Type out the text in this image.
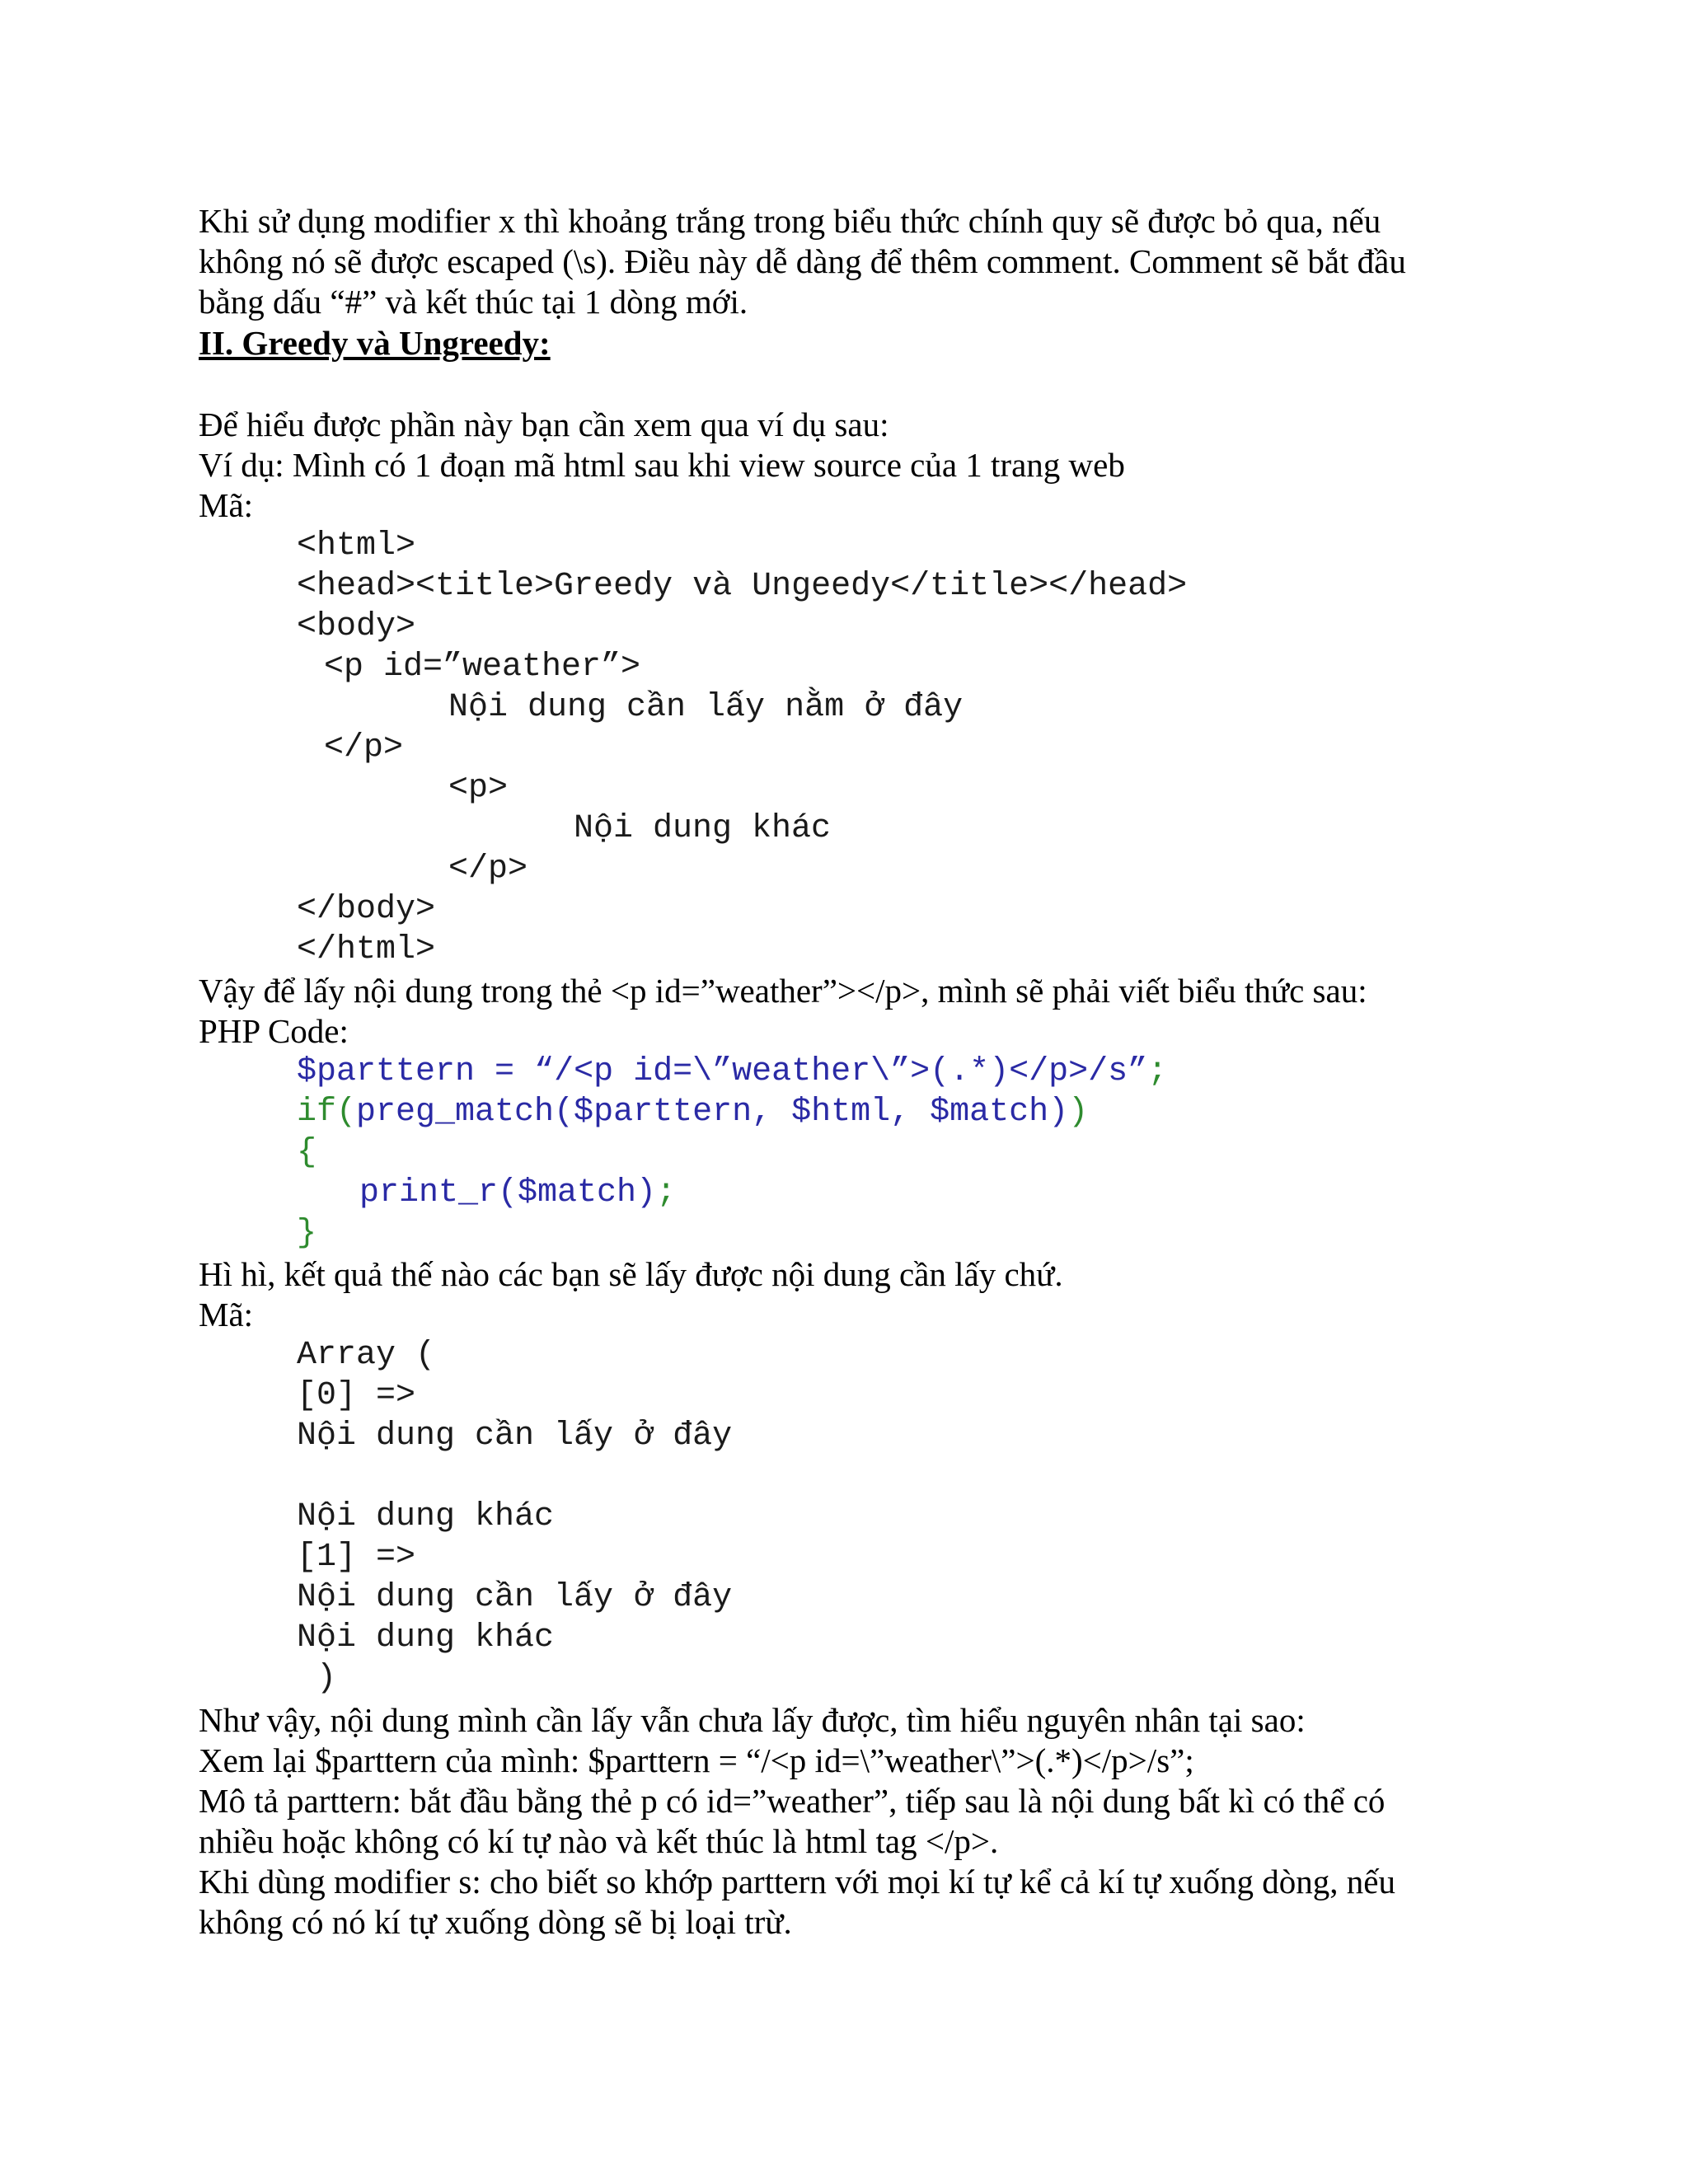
Khi sử dụng modifier x thì khoảng trắng trong biểu thức chính quy sẽ được bỏ qua, nếu
không nó sẽ được escaped (\s). Điều này dễ dàng để thêm comment. Comment sẽ bắt đầu
bằng dấu “#” và kết thúc tại 1 dòng mới.
II. Greedy và Ungreedy:
Để hiểu được phần này bạn cần xem qua ví dụ sau:
Ví dụ: Mình có 1 đoạn mã html sau khi view source của 1 trang web
Mã:
<html>
<head><title>Greedy và Ungeedy</title></head>
<body>
<p id=”weather”>
Nội dung cần lấy nằm ở đây
</p>
<p>
Nội dung khác
</p>
</body>
</html>
Vậy để lấy nội dung trong thẻ <p id=”weather”></p>, mình sẽ phải viết biểu thức sau:
PHP Code:
$parttern = “/<p id=\”weather\”>(.*)</p>/s”;
if(preg_match($parttern, $html, $match))
{
print_r($match);
}
Hì hì, kết quả thế nào các bạn sẽ lấy được nội dung cần lấy chứ.
Mã:
Array (
[0] =>
Nội dung cần lấy ở đây
Nội dung khác
[1] =>
Nội dung cần lấy ở đây
Nội dung khác
)
Như vậy, nội dung mình cần lấy vẫn chưa lấy được, tìm hiểu nguyên nhân tại sao:
Xem lại $parttern của mình: $parttern = “/<p id=\”weather\”>(.*)</p>/s”;
Mô tả parttern: bắt đầu bằng thẻ p có id=”weather”, tiếp sau là nội dung bất kì có thể có
nhiều hoặc không có kí tự nào và kết thúc là html tag </p>.
Khi dùng modifier s: cho biết so khớp parttern với mọi kí tự kể cả kí tự xuống dòng, nếu
không có nó kí tự xuống dòng sẽ bị loại trừ.
